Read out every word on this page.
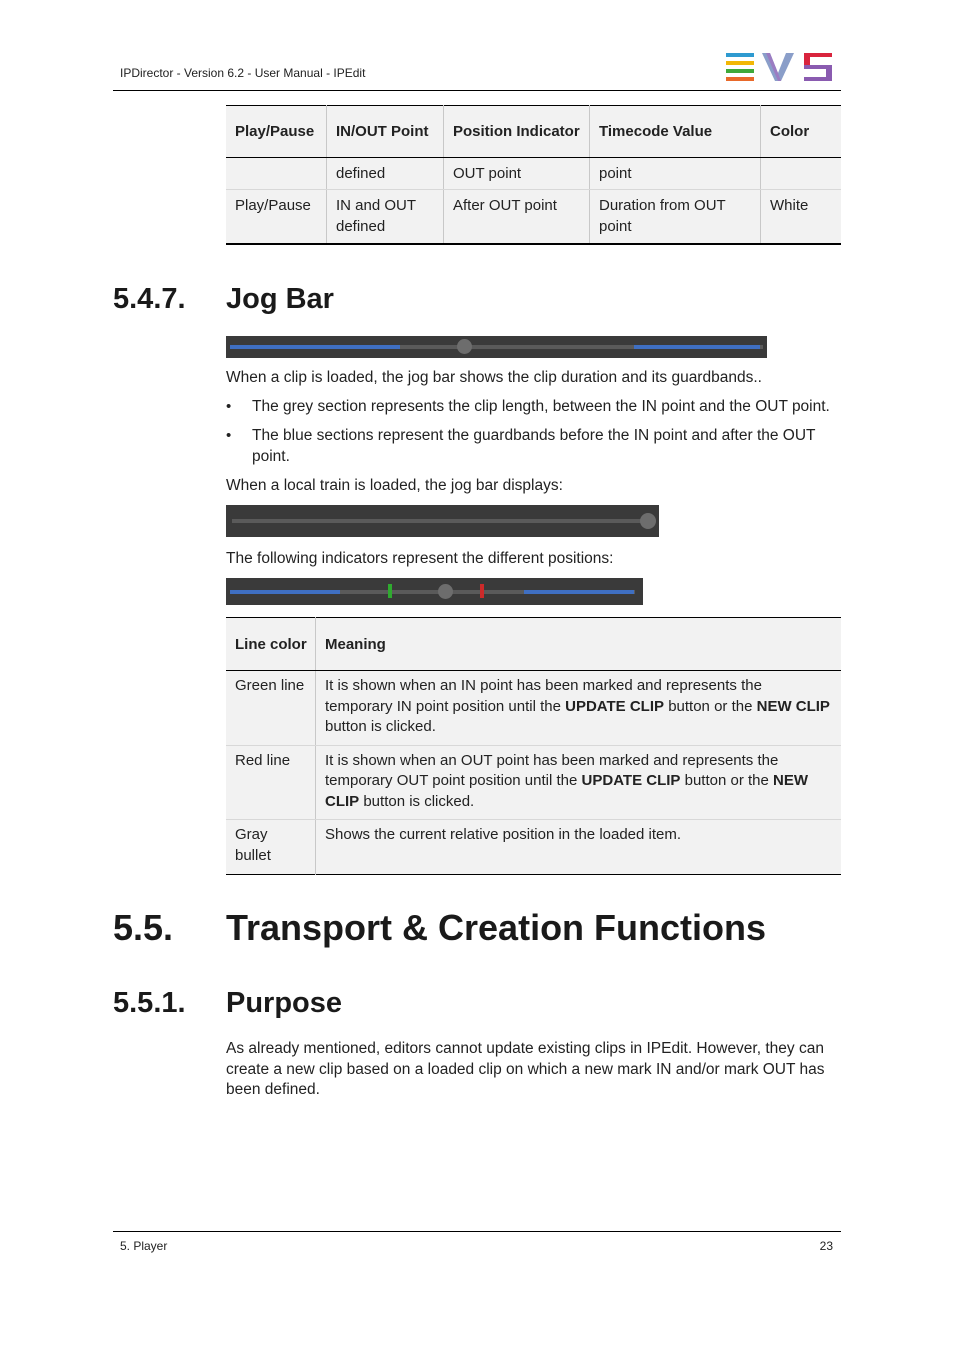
IPDirector - Version 6.2 - User Manual - IPEdit
Play/Pause	IN/OUT Point	Position Indicator	Timecode Value	Color
	defined	OUT point	point	
Play/Pause	IN and OUT defined	After OUT point	Duration from OUT point	White
5.4.7. Jog Bar
When a clip is loaded, the jog bar shows the clip duration and its guardbands..
• The grey section represents the clip length, between the IN point and the OUT point.
• The blue sections represent the guardbands before the IN point and after the OUT point.
When a local train is loaded, the jog bar displays:
The following indicators represent the different positions:
Line color	Meaning
Green line	It is shown when an IN point has been marked and represents the temporary IN point position until the UPDATE CLIP button or the NEW CLIP button is clicked.
Red line	It is shown when an OUT point has been marked and represents the temporary OUT point position until the UPDATE CLIP button or the NEW CLIP button is clicked.
Gray bullet	Shows the current relative position in the loaded item.
5.5. Transport & Creation Functions
5.5.1. Purpose
As already mentioned, editors cannot update existing clips in IPEdit. However, they can create a new clip based on a loaded clip on which a new mark IN and/or mark OUT has been defined.
5. Player	23
